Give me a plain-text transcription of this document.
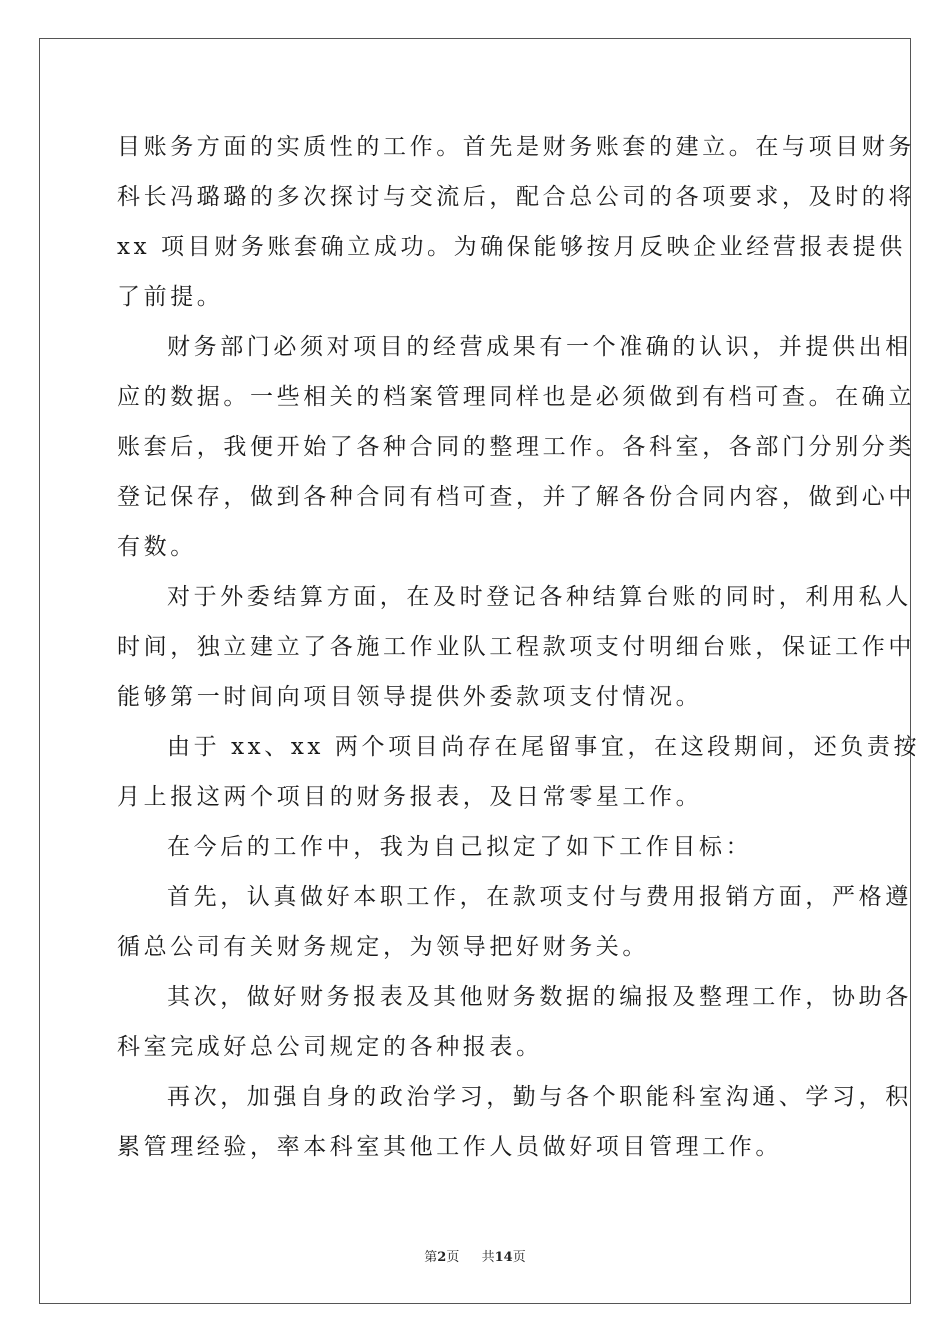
目账务方面的实质性的工作。首先是财务账套的建立。在与项目财务
科长冯璐璐的多次探讨与交流后，配合总公司的各项要求，及时的将
xx 项目财务账套确立成功。为确保能够按月反映企业经营报表提供
了前提。
财务部门必须对项目的经营成果有一个准确的认识，并提供出相
应的数据。一些相关的档案管理同样也是必须做到有档可查。在确立
账套后，我便开始了各种合同的整理工作。各科室，各部门分别分类
登记保存，做到各种合同有档可查，并了解各份合同内容，做到心中
有数。
对于外委结算方面，在及时登记各种结算台账的同时，利用私人
时间，独立建立了各施工作业队工程款项支付明细台账，保证工作中
能够第一时间向项目领导提供外委款项支付情况。
由于 xx、xx 两个项目尚存在尾留事宜，在这段期间，还负责按
月上报这两个项目的财务报表，及日常零星工作。
在今后的工作中，我为自己拟定了如下工作目标：
首先，认真做好本职工作，在款项支付与费用报销方面，严格遵
循总公司有关财务规定，为领导把好财务关。
其次，做好财务报表及其他财务数据的编报及整理工作，协助各
科室完成好总公司规定的各种报表。
再次，加强自身的政治学习，勤与各个职能科室沟通、学习，积
累管理经验，率本科室其他工作人员做好项目管理工作。
第2页 共14页
